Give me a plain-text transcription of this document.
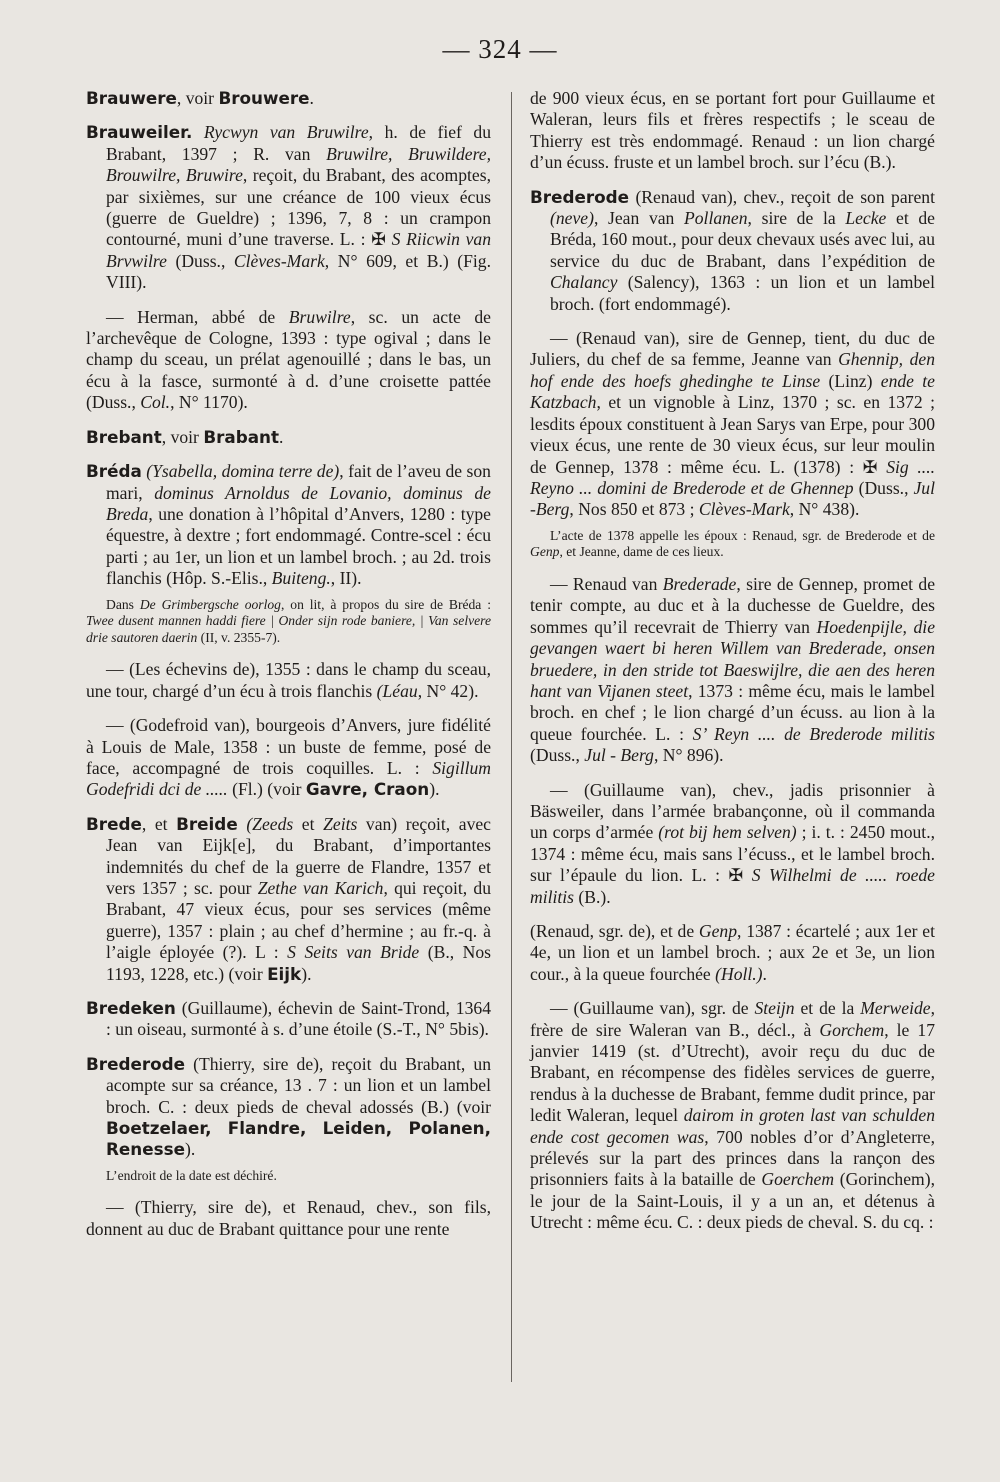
— 324 —

Brauwere, voir Brouwere.

Brauweiler. Rycwyn van Bruwilre, h. de fief du Brabant, 1397 ; R. van Bruwilre, Bruwildere, Brouwilre, Bruwire, reçoit, du Brabant, des acomptes, par sixièmes, sur une créance de 100 vieux écus (guerre de Gueldre) ; 1396, 7, 8 : un crampon contourné, muni d’une traverse. L. : ✠ S Riicwin van Brvwilre (Duss., Clèves-Mark, N° 609, et B.) (Fig. VIII).

— Herman, abbé de Bruwilre, sc. un acte de l’archevêque de Cologne, 1393 : type ogival ; dans le champ du sceau, un prélat agenouillé ; dans le bas, un écu à la fasce, surmonté à d. d’une croisette pattée (Duss., Col., N° 1170).

Brebant, voir Brabant.

Bréda (Ysabella, domina terre de), fait de l’aveu de son mari, dominus Arnoldus de Lovanio, dominus de Breda, une donation à l’hôpital d’Anvers, 1280 : type équestre, à dextre ; fort endommagé. Contre-scel : écu parti ; au 1er, un lion et un lambel broch. ; au 2d. trois flanchis (Hôp. S.-Elis., Buiteng., II).

Dans De Grimbergsche oorlog, on lit, à propos du sire de Bréda : Twee dusent mannen haddi fiere | Onder sijn rode baniere, | Van selvere drie sautoren daerin (II, v. 2355-7).

— (Les échevins de), 1355 : dans le champ du sceau, une tour, chargé d’un écu à trois flanchis (Léau, N° 42).

— (Godefroid van), bourgeois d’Anvers, jure fidélité à Louis de Male, 1358 : un buste de femme, posé de face, accompagné de trois coquilles. L. : Sigillum Godefridi dci de ..... (Fl.) (voir Gavre, Craon).

Brede, et Breide (Zeeds et Zeits van) reçoit, avec Jean van Eijk[e], du Brabant, d’importantes indemnités du chef de la guerre de Flandre, 1357 et vers 1357 ; sc. pour Zethe van Karich, qui reçoit, du Brabant, 47 vieux écus, pour ses services (même guerre), 1357 : plain ; au chef d’hermine ; au fr.-q. à l’aigle éployée (?). L : S Seits van Bride (B., Nos 1193, 1228, etc.) (voir Eijk).

Bredeken (Guillaume), échevin de Saint-Trond, 1364 : un oiseau, surmonté à s. d’une étoile (S.-T., N° 5bis).

Brederode (Thierry, sire de), reçoit du Brabant, un acompte sur sa créance, 13 . 7 : un lion et un lambel broch. C. : deux pieds de cheval adossés (B.) (voir Boetzelaer, Flandre, Leiden, Polanen, Renesse).

L’endroit de la date est déchiré.

— (Thierry, sire de), et Renaud, chev., son fils, donnent au duc de Brabant quittance pour une rente

de 900 vieux écus, en se portant fort pour Guillaume et Waleran, leurs fils et frères respectifs ; le sceau de Thierry est très endommagé. Renaud : un lion chargé d’un écuss. fruste et un lambel broch. sur l’écu (B.).

Brederode (Renaud van), chev., reçoit de son parent (neve), Jean van Pollanen, sire de la Lecke et de Bréda, 160 mout., pour deux chevaux usés avec lui, au service du duc de Brabant, dans l’expédition de Chalancy (Salency), 1363 : un lion et un lambel broch. (fort endommagé).

— (Renaud van), sire de Gennep, tient, du duc de Juliers, du chef de sa femme, Jeanne van Ghennip, den hof ende des hoefs ghedinghe te Linse (Linz) ende te Katzbach, et un vignoble à Linz, 1370 ; sc. en 1372 ; lesdits époux constituent à Jean Sarys van Erpe, pour 300 vieux écus, une rente de 30 vieux écus, sur leur moulin de Gennep, 1378 : même écu. L. (1378) : ✠ Sig .... Reyno ... domini de Brederode et de Ghennep (Duss., Jul -Berg, Nos 850 et 873 ; Clèves-Mark, N° 438).

L’acte de 1378 appelle les époux : Renaud, sgr. de Brederode et de Genp, et Jeanne, dame de ces lieux.

— Renaud van Brederade, sire de Gennep, promet de tenir compte, au duc et à la duchesse de Gueldre, des sommes qu’il recevrait de Thierry van Hoedenpijle, die gevangen waert bi heren Willem van Brederade, onsen bruedere, in den stride tot Baeswijlre, die aen des heren hant van Vijanen steet, 1373 : même écu, mais le lambel broch. en chef ; le lion chargé d’un écuss. au lion à la queue fourchée. L. : S’ Reyn .... de Brederode militis (Duss., Jul - Berg, N° 896).

— (Guillaume van), chev., jadis prisonnier à Bäsweiler, dans l’armée brabançonne, où il commanda un corps d’armée (rot bij hem selven) ; i. t. : 2450 mout., 1374 : même écu, mais sans l’écuss., et le lambel broch. sur l’épaule du lion. L. : ✠ S Wilhelmi de ..... roede militis (B.).

(Renaud, sgr. de), et de Genp, 1387 : écartelé ; aux 1er et 4e, un lion et un lambel broch. ; aux 2e et 3e, un lion cour., à la queue fourchée (Holl.).

— (Guillaume van), sgr. de Steijn et de la Merweide, frère de sire Waleran van B., décl., à Gorchem, le 17 janvier 1419 (st. d’Utrecht), avoir reçu du duc de Brabant, en récompense des fidèles services de guerre, rendus à la duchesse de Brabant, femme dudit prince, par ledit Waleran, lequel dairom in groten last van schulden ende cost gecomen was, 700 nobles d’or d’Angleterre, prélevés sur la part des princes dans la rançon des prisonniers faits à la bataille de Goerchem (Gorinchem), le jour de la Saint-Louis, il y a un an, et détenus à Utrecht : même écu. C. : deux pieds de cheval. S. du cq. :
